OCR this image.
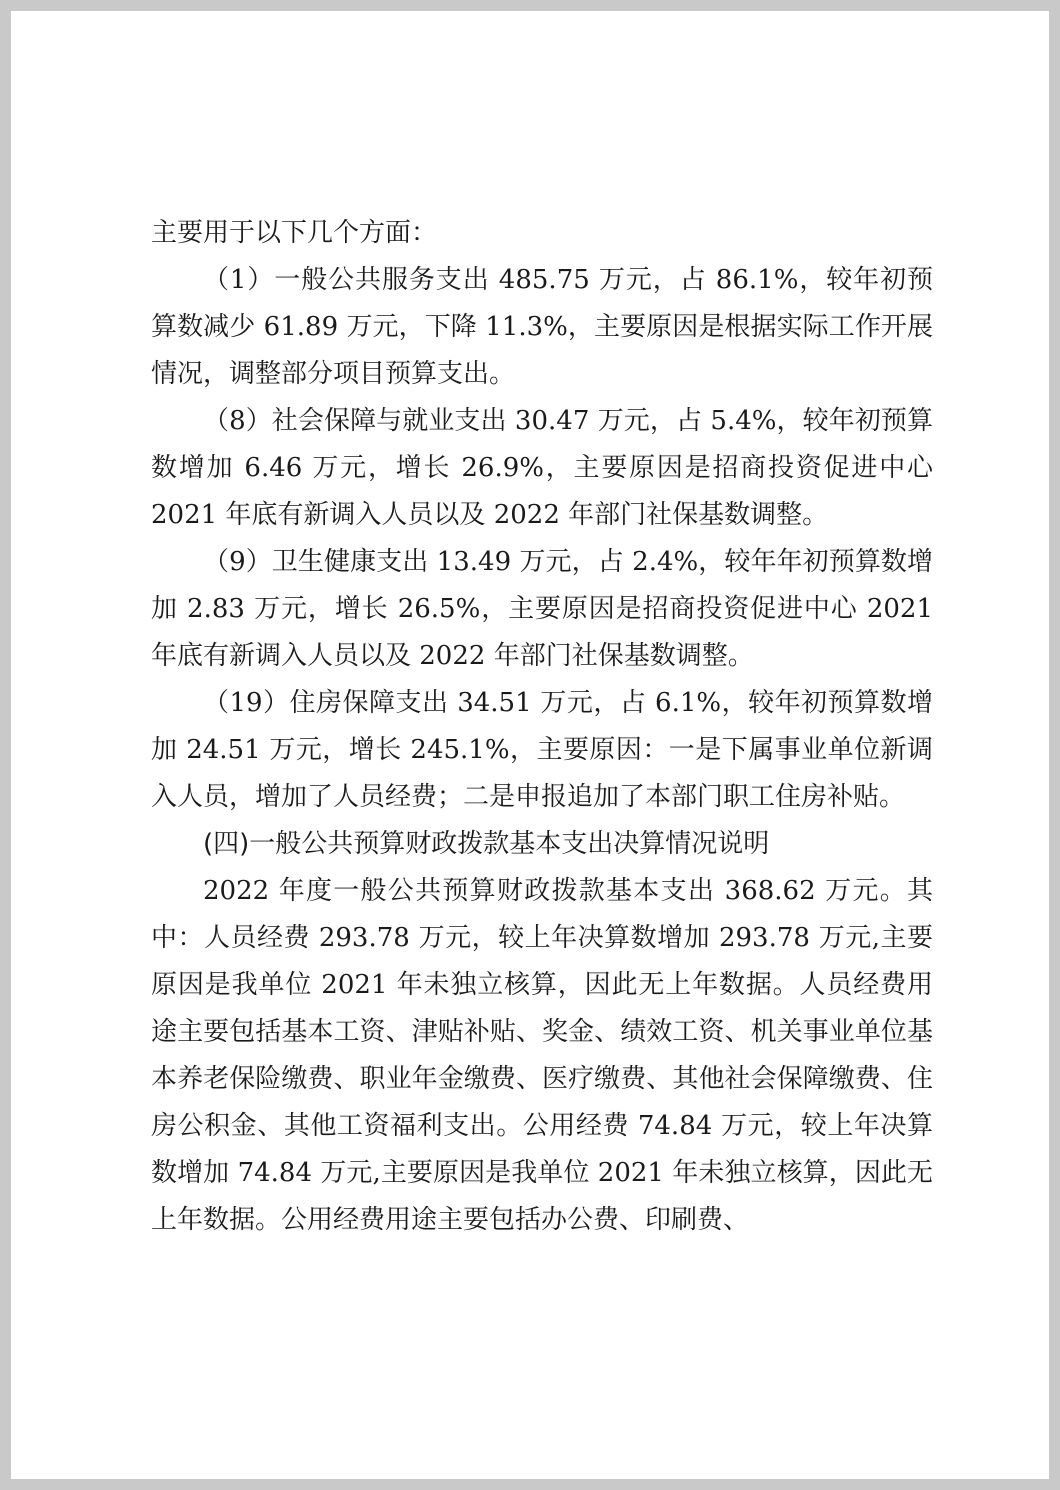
主要用于以下几个方面：

（1）一般公共服务支出 485.75 万元，占 86.1%，较年初预算数减少 61.89 万元，下降 11.3%，主要原因是根据实际工作开展情况，调整部分项目预算支出。

（8）社会保障与就业支出 30.47 万元，占 5.4%，较年初预算数增加 6.46 万元，增长 26.9%，主要原因是招商投资促进中心 2021 年底有新调入人员以及 2022 年部门社保基数调整。

（9）卫生健康支出 13.49 万元，占 2.4%，较年年初预算数增加 2.83 万元，增长 26.5%，主要原因是招商投资促进中心 2021 年底有新调入人员以及 2022 年部门社保基数调整。

（19）住房保障支出 34.51 万元，占 6.1%，较年初预算数增加 24.51 万元，增长 245.1%，主要原因：一是下属事业单位新调入人员，增加了人员经费；二是申报追加了本部门职工住房补贴。

(四)一般公共预算财政拨款基本支出决算情况说明

2022 年度一般公共预算财政拨款基本支出 368.62 万元。其中：人员经费 293.78 万元，较上年决算数增加 293.78 万元,主要原因是我单位 2021 年未独立核算，因此无上年数据。人员经费用途主要包括基本工资、津贴补贴、奖金、绩效工资、机关事业单位基本养老保险缴费、职业年金缴费、医疗缴费、其他社会保障缴费、住房公积金、其他工资福利支出。公用经费 74.84 万元，较上年决算数增加 74.84 万元,主要原因是我单位 2021 年未独立核算，因此无上年数据。公用经费用途主要包括办公费、印刷费、
